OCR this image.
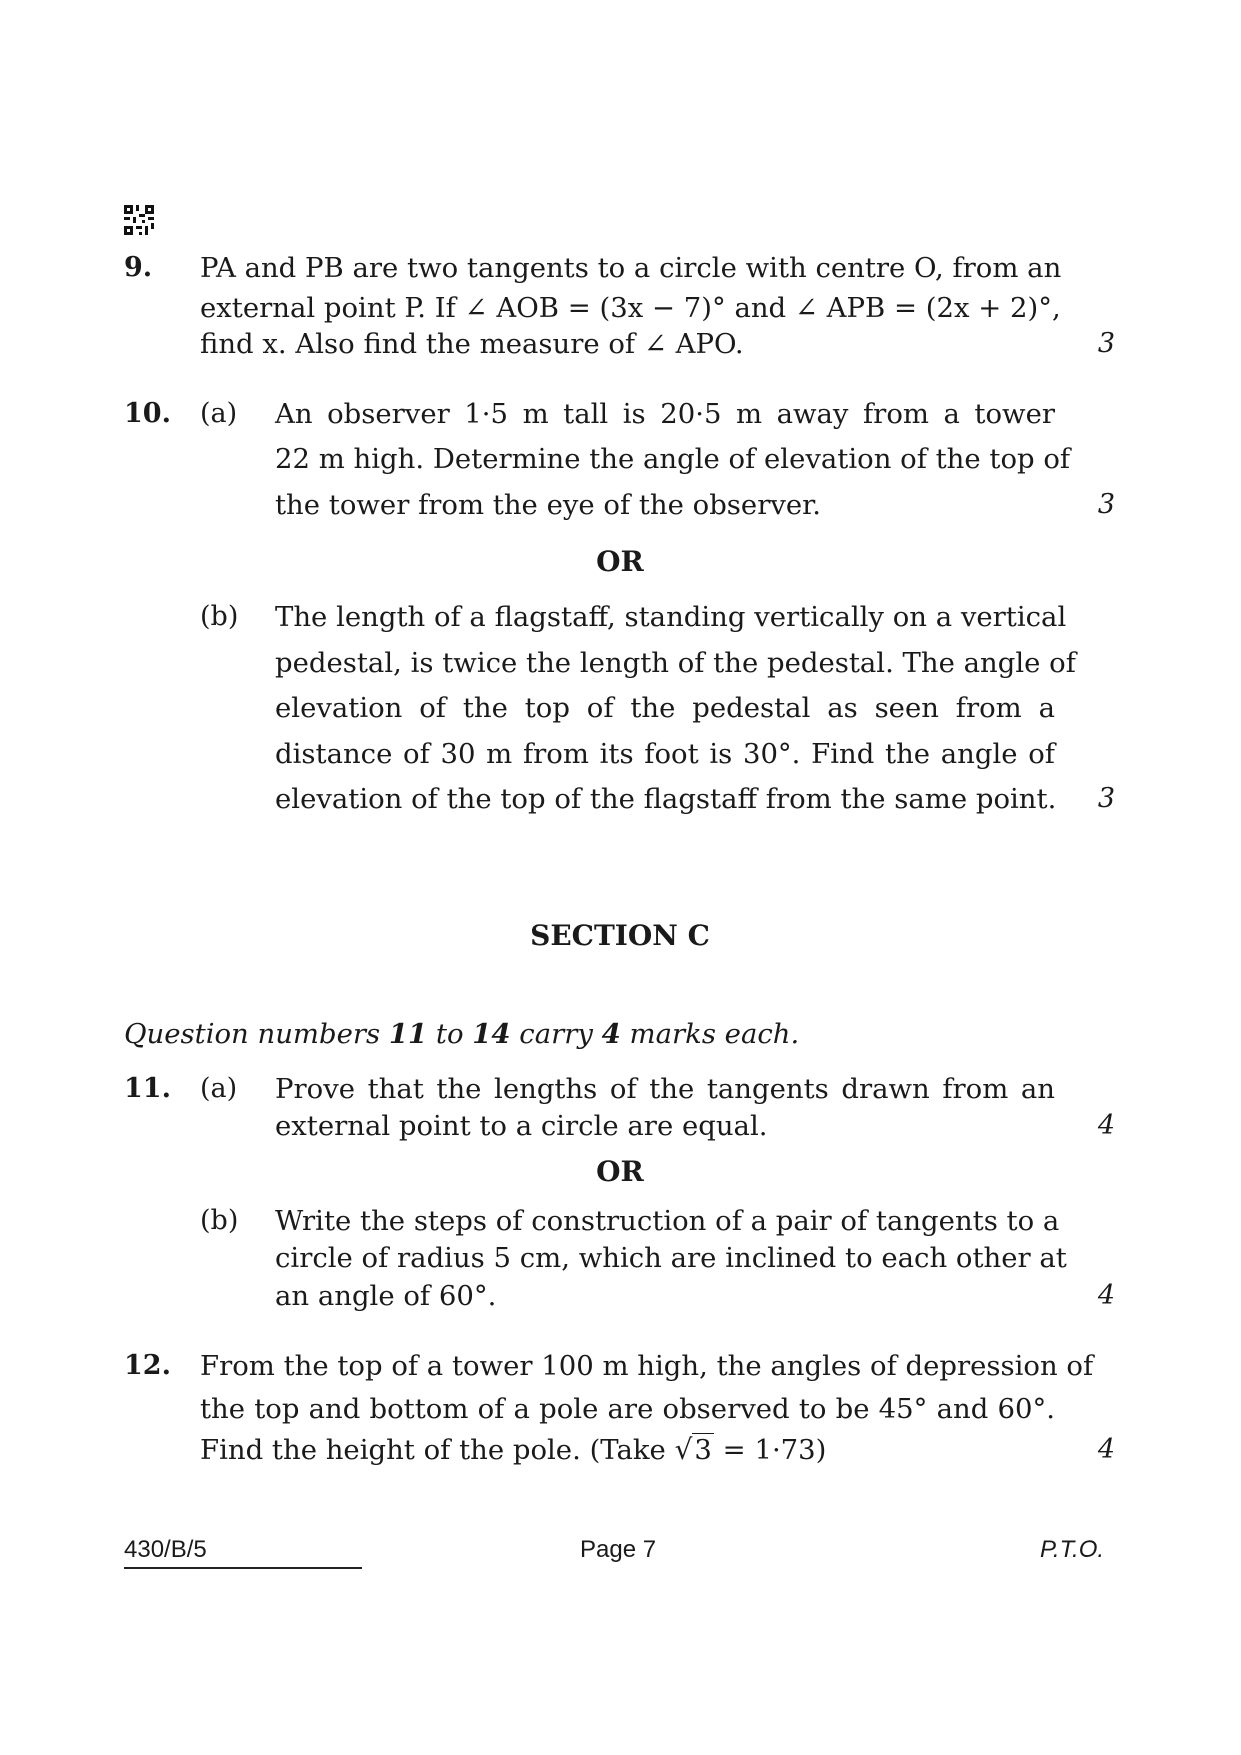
9. PA and PB are two tangents to a circle with centre O, from an
external point P. If ∠ AOB = (3x − 7)° and ∠ APB = (2x + 2)°,
find x. Also find the measure of ∠ APO.	3
10. (a) An observer 1·5 m tall is 20·5 m away from a tower
22 m high. Determine the angle of elevation of the top of
the tower from the eye of the observer.	3
OR
(b) The length of a flagstaff, standing vertically on a vertical
pedestal, is twice the length of the pedestal. The angle of
elevation of the top of the pedestal as seen from a
distance of 30 m from its foot is 30°. Find the angle of
elevation of the top of the flagstaff from the same point.	3
SECTION C
Question numbers 11 to 14 carry 4 marks each.
11. (a) Prove that the lengths of the tangents drawn from an
external point to a circle are equal.	4
OR
(b) Write the steps of construction of a pair of tangents to a
circle of radius 5 cm, which are inclined to each other at
an angle of 60°.	4
12. From the top of a tower 100 m high, the angles of depression of
the top and bottom of a pole are observed to be 45° and 60°.
Find the height of the pole. (Take √3 = 1·73)	4
430/B/5	Page 7	P.T.O.
